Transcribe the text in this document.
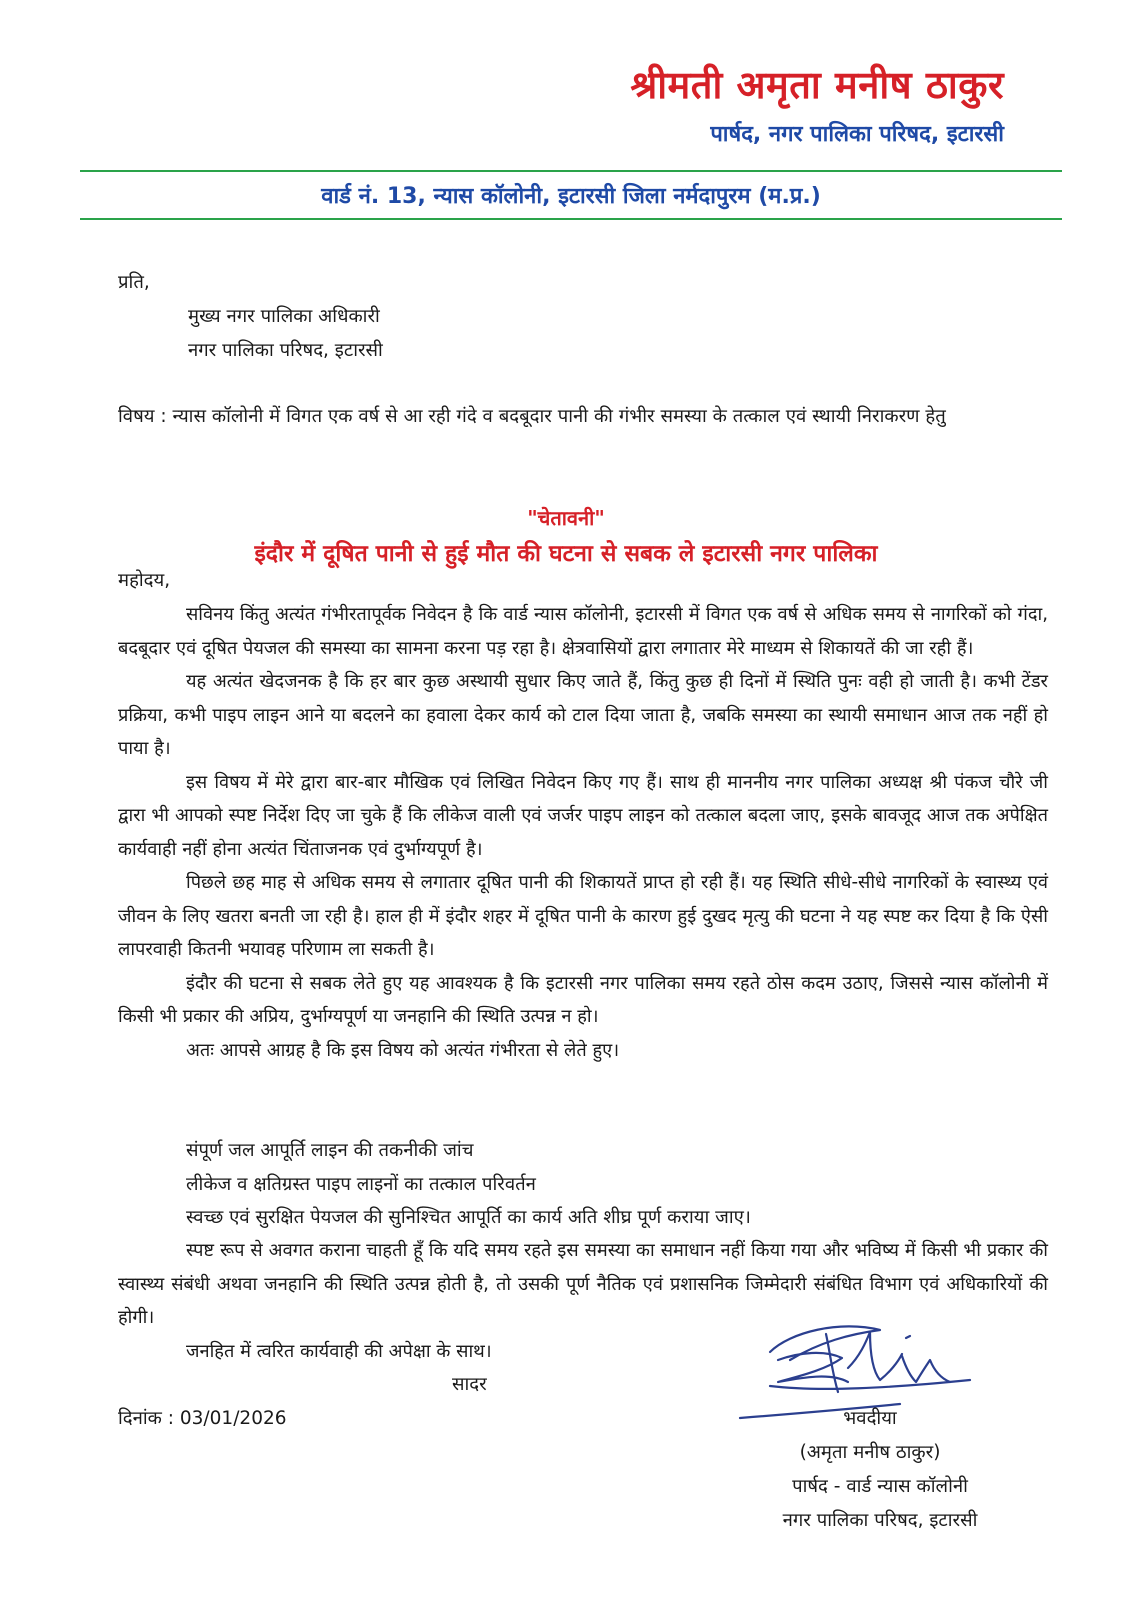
श्रीमती अमृता मनीष ठाकुर
पार्षद, नगर पालिका परिषद, इटारसी
वार्ड नं. 13, न्यास कॉलोनी, इटारसी जिला नर्मदापुरम (म.प्र.)
प्रति,
मुख्य नगर पालिका अधिकारी
नगर पालिका परिषद, इटारसी
विषय : न्यास कॉलोनी में विगत एक वर्ष से आ रही गंदे व बदबूदार पानी की गंभीर समस्या के तत्काल एवं स्थायी निराकरण हेतु
"चेतावनी"
इंदौर में दूषित पानी से हुई मौत की घटना से सबक ले इटारसी नगर पालिका
महोदय,

सविनय किंतु अत्यंत गंभीरतापूर्वक निवेदन है कि वार्ड न्यास कॉलोनी, इटारसी में विगत एक वर्ष से अधिक समय से नागरिकों को गंदा, बदबूदार एवं दूषित पेयजल की समस्या का सामना करना पड़ रहा है। क्षेत्रवासियों द्वारा लगातार मेरे माध्यम से शिकायतें की जा रही हैं।

यह अत्यंत खेदजनक है कि हर बार कुछ अस्थायी सुधार किए जाते हैं, किंतु कुछ ही दिनों में स्थिति पुनः वही हो जाती है। कभी टेंडर प्रक्रिया, कभी पाइप लाइन आने या बदलने का हवाला देकर कार्य को टाल दिया जाता है, जबकि समस्या का स्थायी समाधान आज तक नहीं हो पाया है।

इस विषय में मेरे द्वारा बार-बार मौखिक एवं लिखित निवेदन किए गए हैं। साथ ही माननीय नगर पालिका अध्यक्ष श्री पंकज चौरे जी द्वारा भी आपको स्पष्ट निर्देश दिए जा चुके हैं कि लीकेज वाली एवं जर्जर पाइप लाइन को तत्काल बदला जाए, इसके बावजूद आज तक अपेक्षित कार्यवाही नहीं होना अत्यंत चिंताजनक एवं दुर्भाग्यपूर्ण है।

पिछले छह माह से अधिक समय से लगातार दूषित पानी की शिकायतें प्राप्त हो रही हैं। यह स्थिति सीधे-सीधे नागरिकों के स्वास्थ्य एवं जीवन के लिए खतरा बनती जा रही है। हाल ही में इंदौर शहर में दूषित पानी के कारण हुई दुखद मृत्यु की घटना ने यह स्पष्ट कर दिया है कि ऐसी लापरवाही कितनी भयावह परिणाम ला सकती है।

इंदौर की घटना से सबक लेते हुए यह आवश्यक है कि इटारसी नगर पालिका समय रहते ठोस कदम उठाए, जिससे न्यास कॉलोनी में किसी भी प्रकार की अप्रिय, दुर्भाग्यपूर्ण या जनहानि की स्थिति उत्पन्न न हो।

अतः आपसे आग्रह है कि इस विषय को अत्यंत गंभीरता से लेते हुए।

संपूर्ण जल आपूर्ति लाइन की तकनीकी जांच
लीकेज व क्षतिग्रस्त पाइप लाइनों का तत्काल परिवर्तन
स्वच्छ एवं सुरक्षित पेयजल की सुनिश्चित आपूर्ति का कार्य अति शीघ्र पूर्ण कराया जाए।

स्पष्ट रूप से अवगत कराना चाहती हूँ कि यदि समय रहते इस समस्या का समाधान नहीं किया गया और भविष्य में किसी भी प्रकार की स्वास्थ्य संबंधी अथवा जनहानि की स्थिति उत्पन्न होती है, तो उसकी पूर्ण नैतिक एवं प्रशासनिक जिम्मेदारी संबंधित विभाग एवं अधिकारियों की होगी।

जनहित में त्वरित कार्यवाही की अपेक्षा के साथ।

सादर
दिनांक : 03/01/2026	भवदीया
(अमृता मनीष ठाकुर)
पार्षद - वार्ड न्यास कॉलोनी
नगर पालिका परिषद, इटारसी
